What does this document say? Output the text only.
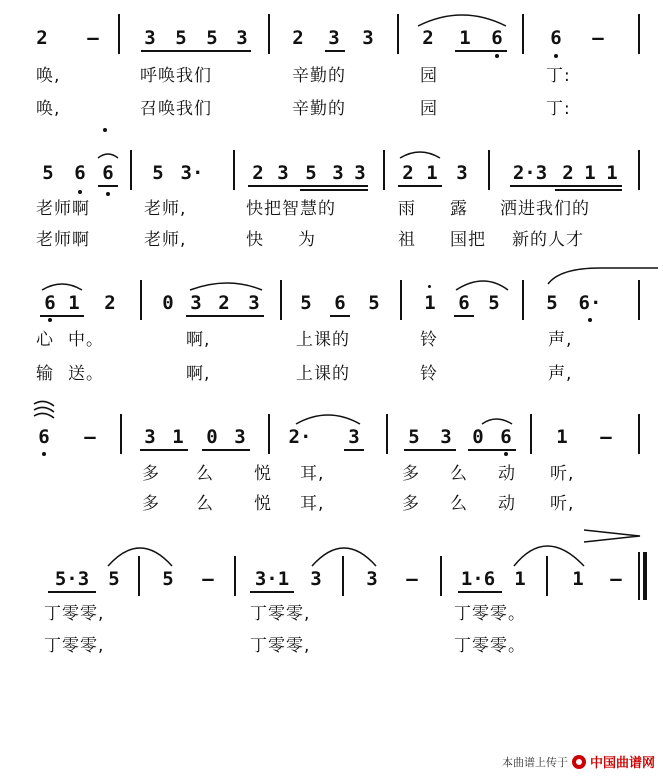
2 – 3 5 5 3 2 3 3	2 1 6	6 –
唤,	呼唤我们	辛勤的	园	丁:
唤,	召唤我们	辛勤的	园	丁:
5 6 6 5 3·	2 3 5 3 3 2 1 3 2·3 2 1 1
老师啊	老师,	快把智慧的	雨 露 洒进我们的
老师啊	老师,	快 为	祖 国把 新的人才
6 1 2 0 3 2 3 5 6 5 1 6 5 5 6·
心 中。	啊,	上课的	铃	声,
输 送。	啊,	上课的	铃	声,
6 –	3 1 0 3 2· 3	5 3 0 6 1 –
多 么 悦 耳,	多 么 动 听,
多 么 悦 耳,	多 么 动 听,
5·3 5 5 – 3·1 3 3 – 1·6 1 1 –
丁零零,	丁零零,	丁零零。
丁零零,	丁零零,	丁零零。
本曲谱上传于 中国曲谱网
